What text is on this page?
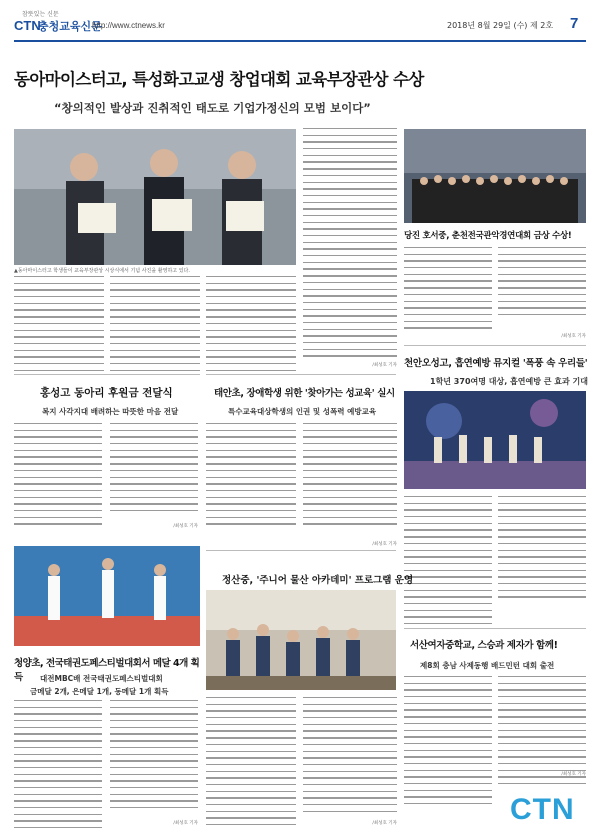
참뜻있는 신문
CTN
충청교육신문
http://www.ctnews.kr	2018년 8월 29일 (수) 제 2호 7
동아마이스터고, 특성화고교생 창업대회 교육부장관상 수상
“창의적인 발상과 진취적인 태도로 기업가정신의 모범 보이다”
▲동아마이스터고 학생들이 교육부장관상 시상식에서 기념 사진을 촬영하고 있다.
/최성호 기자
당진 호서중, 춘천전국관악경연대회 금상 수상!
/최성호 기자
천안오성고, 흡연예방 뮤지컬 '폭풍 속 우리들'
1학년 370여명 대상, 흡연예방 큰 효과 기대
홍성고 동아리 후원금 전달식
복지 사각지대 배려하는 따뜻한 마음 전달
/최성호 기자
태안초, 장애학생 위한 '찾아가는 성교육' 실시
특수교육대상학생의 인권 및 성폭력 예방교육
/최성호 기자
정산중, '주니어 물산 아카데미' 프로그램 운영
/최성호 기자
청양초, 전국태권도페스티벌대회서 메달 4개 획득	대전MBC배 전국태권도페스티벌대회
금메달 2개, 은메달 1개, 동메달 1개 획득
/최성호 기자
서산여자중학교, 스승과 제자가 함께!
제8회 충남 사제동행 배드민턴 대회 출전
/최성호 기자
CTN
